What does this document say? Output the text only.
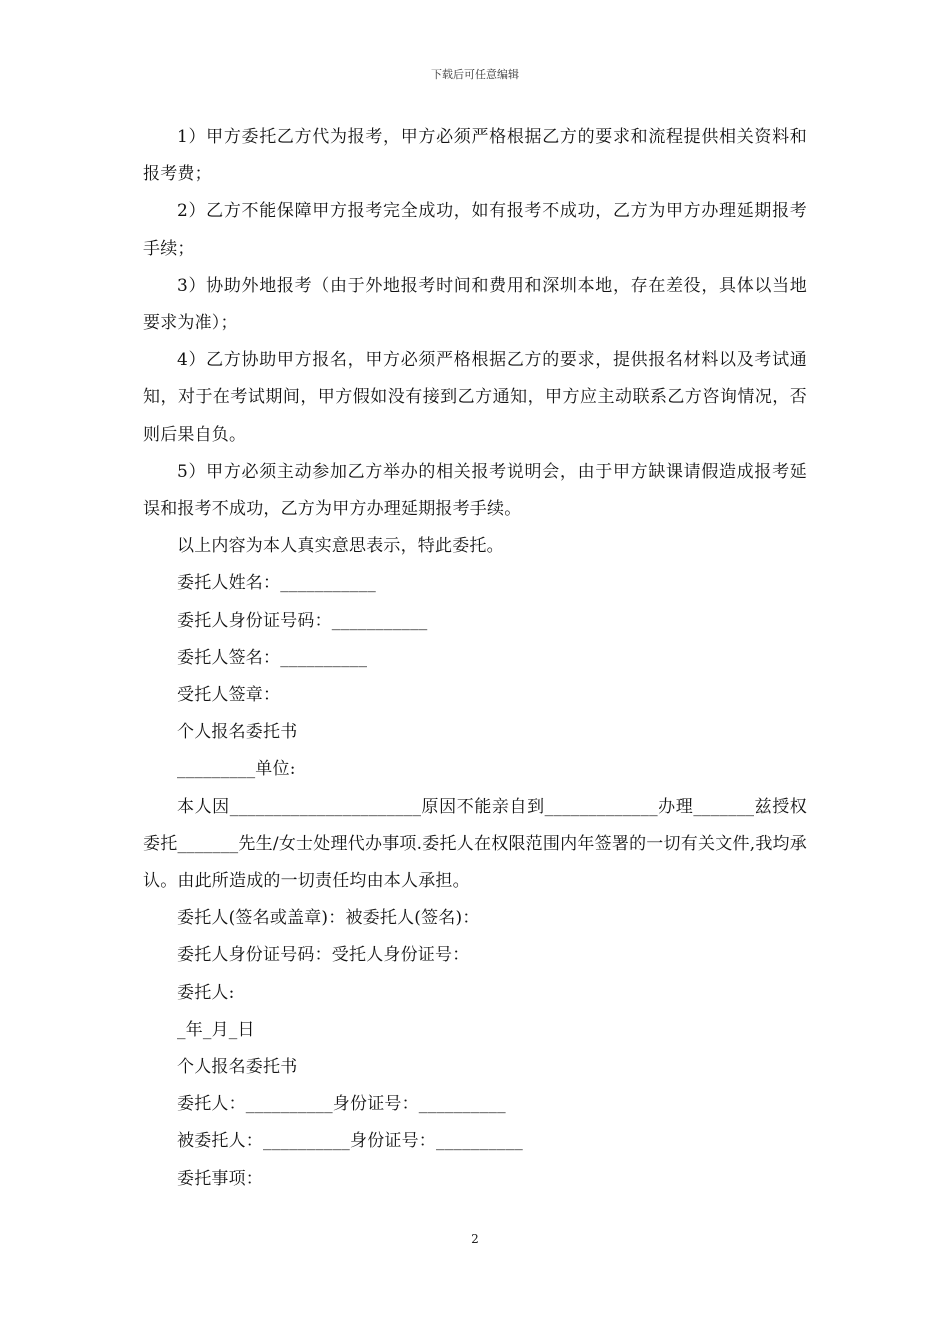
下载后可任意编辑

1）甲方委托乙方代为报考，甲方必须严格根据乙方的要求和流程提供相关资料和报考费；

2）乙方不能保障甲方报考完全成功，如有报考不成功，乙方为甲方办理延期报考手续；

3）协助外地报考（由于外地报考时间和费用和深圳本地，存在差役，具体以当地要求为准）；

4）乙方协助甲方报名，甲方必须严格根据乙方的要求，提供报名材料以及考试通知，对于在考试期间，甲方假如没有接到乙方通知，甲方应主动联系乙方咨询情况，否则后果自负。

5）甲方必须主动参加乙方举办的相关报考说明会，由于甲方缺课请假造成报考延误和报考不成功，乙方为甲方办理延期报考手续。

以上内容为本人真实意思表示，特此委托。

委托人姓名：___________

委托人身份证号码：___________

委托人签名：__________

受托人签章：

个人报名委托书

_________单位:

本人因______________________原因不能亲自到_____________办理_______兹授权委托_______先生/女士处理代办事项.委托人在权限范围内年签署的一切有关文件,我均承认。由此所造成的一切责任均由本人承担。

委托人(签名或盖章)：被委托人(签名)：

委托人身份证号码：受托人身份证号：

委托人:

_年_月_日

个人报名委托书

委托人：__________身份证号：__________

被委托人：__________身份证号：__________

委托事项：

2
